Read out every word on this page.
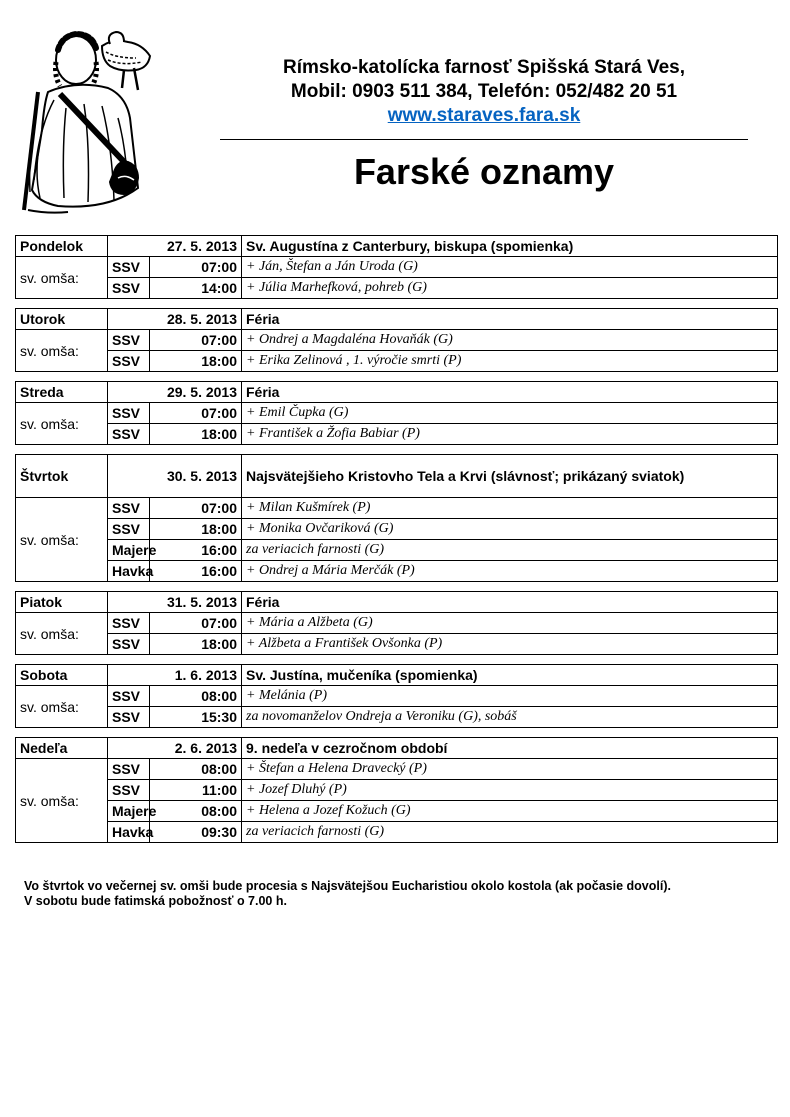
Rímsko-katolícka farnosť Spišská Stará Ves,
Mobil: 0903 511 384, Telefón: 052/482 20 51
www.staraves.fara.sk
Farské oznamy
Pondelok	27. 5. 2013		Sv. Augustína z Canterbury, biskupa (spomienka)
sv. omša:	SSV	07:00	+ Ján, Štefan a Ján Uroda (G)
	SSV	14:00	+ Júlia Marhefková, pohreb (G)
Utorok	28. 5. 2013		Féria
sv. omša:	SSV	07:00	+ Ondrej a Magdaléna Hovaňák (G)
	SSV	18:00	+ Erika Zelinová , 1. výročie smrti (P)
Streda	29. 5. 2013		Féria
sv. omša:	SSV	07:00	+ Emil Čupka (G)
	SSV	18:00	+ František a Žofia Babiar (P)
Štvrtok	30. 5. 2013		Najsvätejšieho Kristovho Tela a Krvi (slávnosť; prikázaný sviatok)
sv. omša:	SSV	07:00	+ Milan Kušmírek (P)
	SSV	18:00	+ Monika Ovčariková (G)
	Majere	16:00	za veriacich farnosti (G)
	Havka	16:00	+ Ondrej a Mária Merčák (P)
Piatok	31. 5. 2013		Féria
sv. omša:	SSV	07:00	+ Mária a Alžbeta (G)
	SSV	18:00	+ Alžbeta a František Ovšonka (P)
Sobota	1. 6. 2013		Sv. Justína, mučeníka (spomienka)
sv. omša:	SSV	08:00	+ Melánia (P)
	SSV	15:30	za novomanželov Ondreja a Veroniku (G), sobáš
Nedeľa	2. 6. 2013		9. nedeľa v cezročnom období
sv. omša:	SSV	08:00	+ Štefan a Helena Dravecký (P)
	SSV	11:00	+ Jozef Dluhý (P)
	Majere	08:00	+ Helena a Jozef Kožuch (G)
	Havka	09:30	za veriacich farnosti (G)
Vo štvrtok vo večernej sv. omši bude procesia s Najsvätejšou Eucharistiou okolo kostola (ak počasie dovolí).
V sobotu bude fatimská pobožnosť o 7.00 h.
